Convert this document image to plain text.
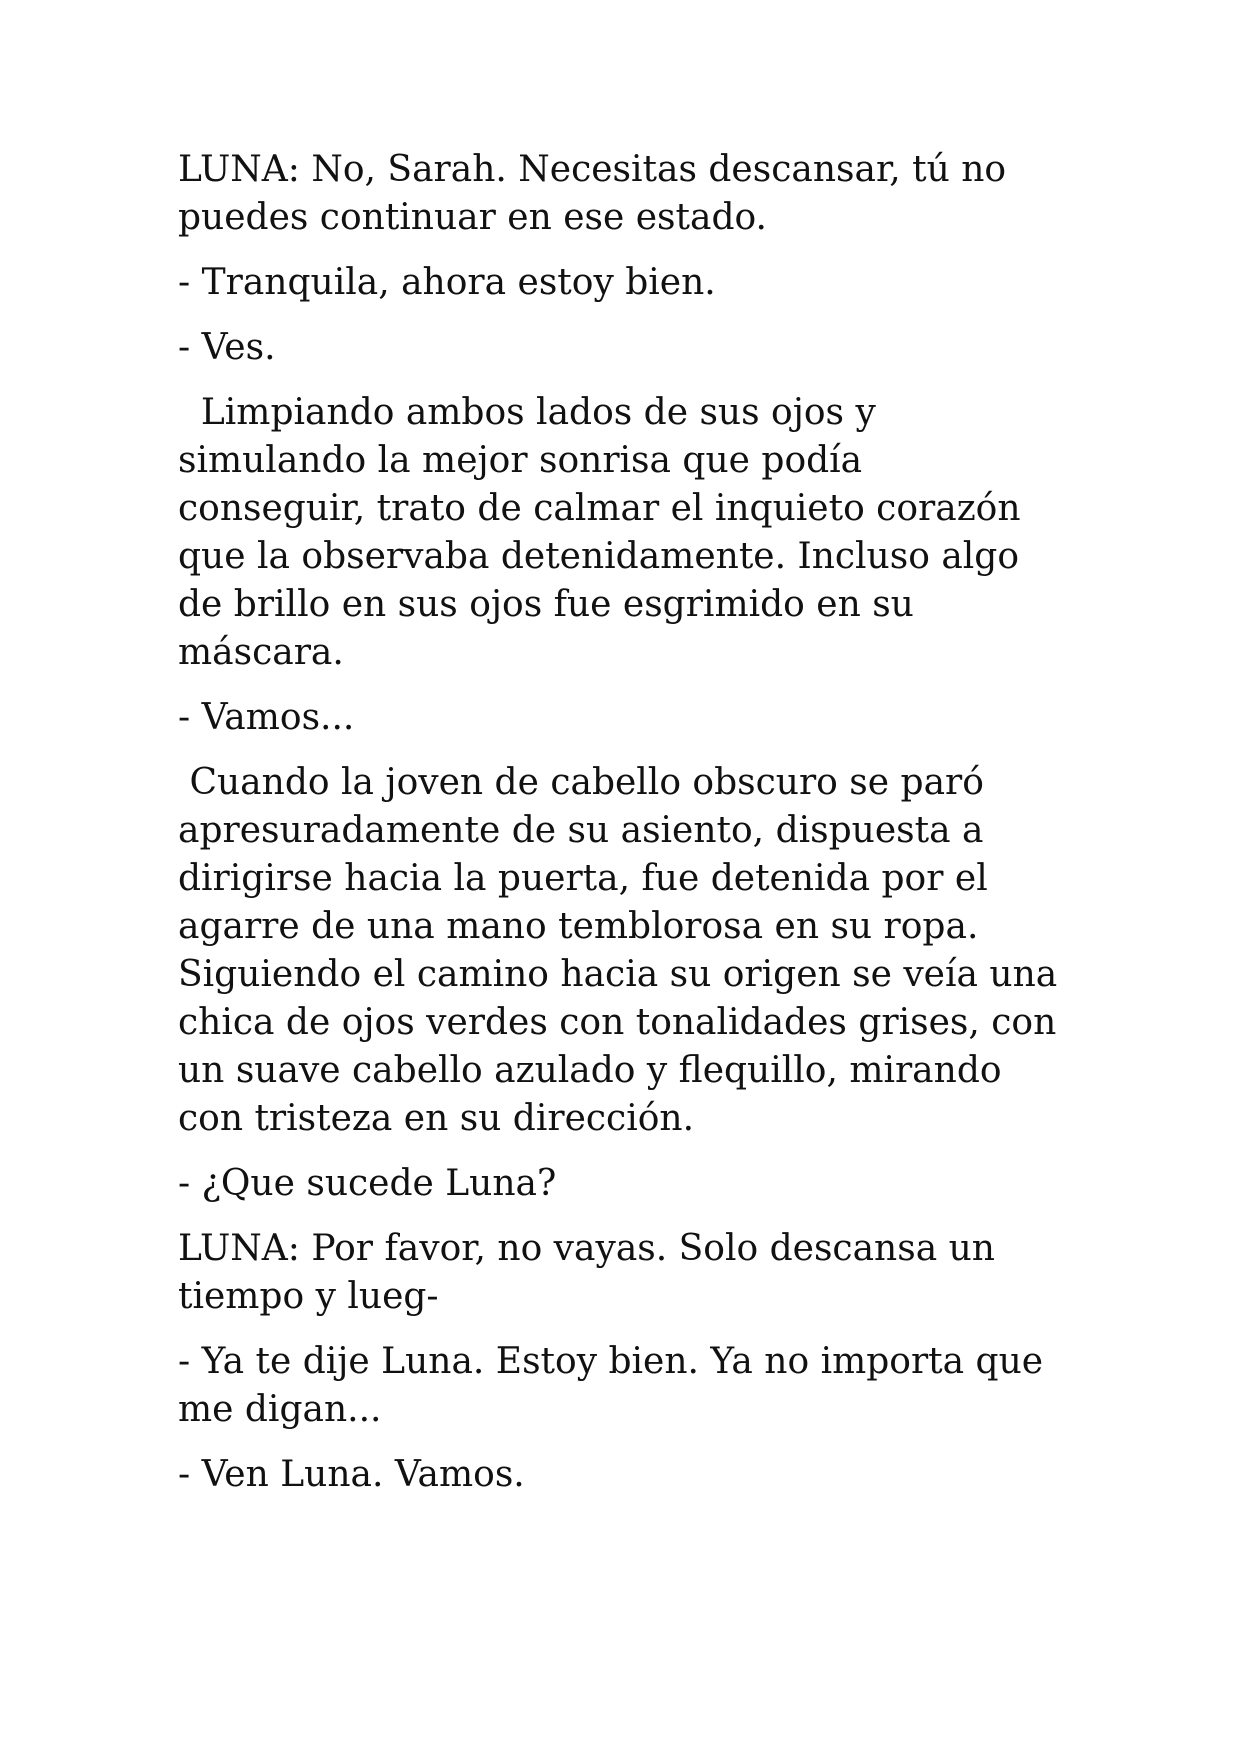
LUNA: No, Sarah. Necesitas descansar, tú no
puedes continuar en ese estado.

- Tranquila, ahora estoy bien.

- Ves.

Limpiando ambos lados de sus ojos y
simulando la mejor sonrisa que podía
conseguir, trato de calmar el inquieto corazón
que la observaba detenidamente. Incluso algo
de brillo en sus ojos fue esgrimido en su
máscara.

- Vamos...

Cuando la joven de cabello obscuro se paró
apresuradamente de su asiento, dispuesta a
dirigirse hacia la puerta, fue detenida por el
agarre de una mano temblorosa en su ropa.
Siguiendo el camino hacia su origen se veía una
chica de ojos verdes con tonalidades grises, con
un suave cabello azulado y flequillo, mirando
con tristeza en su dirección.

- ¿Que sucede Luna?

LUNA: Por favor, no vayas. Solo descansa un
tiempo y lueg-

- Ya te dije Luna. Estoy bien. Ya no importa que
me digan...

- Ven Luna. Vamos.
